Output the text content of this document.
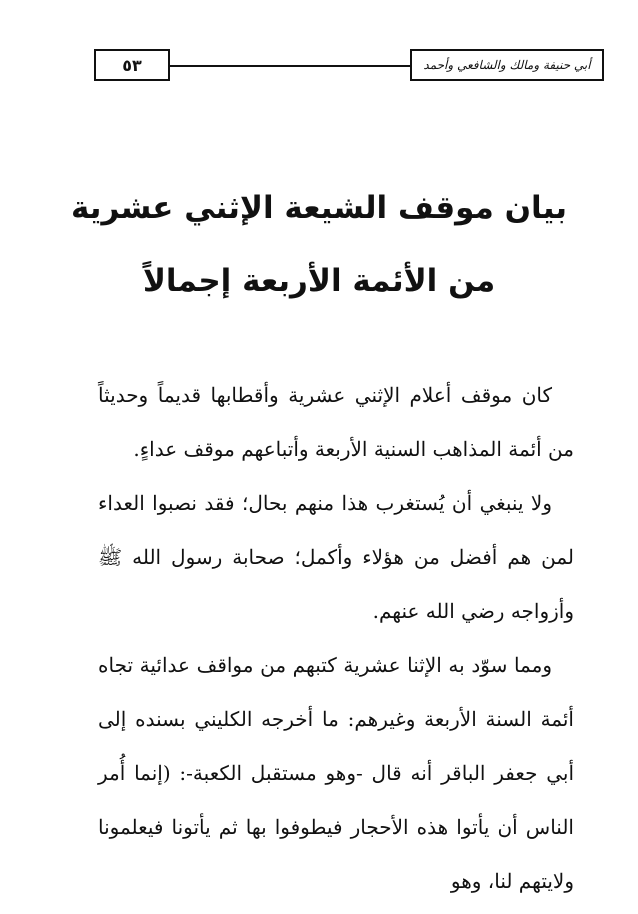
٥٣	أبي حنيفة ومالك والشافعي وأحمد
بيان موقف الشيعة الإثني عشرية
من الأئمة الأربعة إجمالاً

كان موقف أعلام الإثني عشرية وأقطابها قديماً وحديثاً من أئمة المذاهب السنية الأربعة وأتباعهم موقف عداءٍ.

ولا ينبغي أن يُستغرب هذا منهم بحال؛ فقد نصبوا العداء لمن هم أفضل من هؤلاء وأكمل؛ صحابة رسول الله ﷺ وأزواجه رضي الله عنهم.

ومما سوّد به الإثنا عشرية كتبهم من مواقف عدائية تجاه أئمة السنة الأربعة وغيرهم: ما أخرجه الكليني بسنده إلى أبي جعفر الباقر أنه قال -وهو مستقبل الكعبة-: (إنما أُمر الناس أن يأتوا هذه الأحجار فيطوفوا بها ثم يأتونا فيعلمونا ولايتهم لنا، وهو
